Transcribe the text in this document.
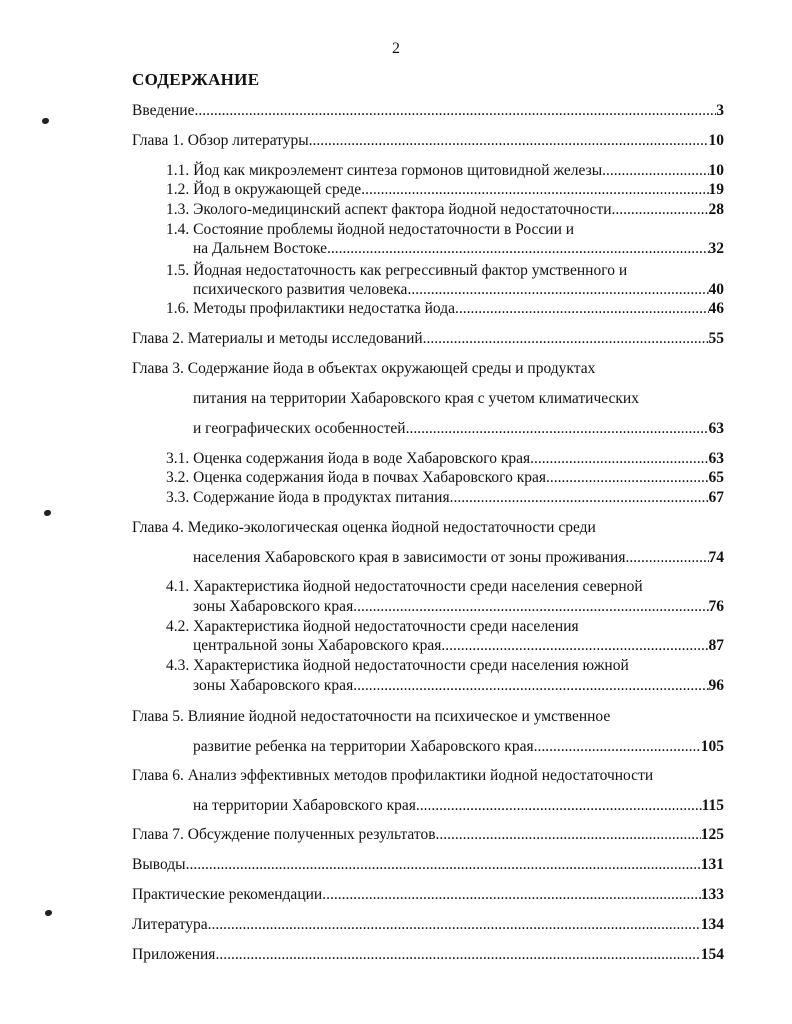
2
СОДЕРЖАНИЕ
Введение .....	3
Глава 1. Обзор литературы .....	10
1.1. Йод как микроэлемент синтеза гормонов щитовидной железы .....	10
1.2. Йод в окружающей среде .....	19
1.3. Эколого-медицинский аспект фактора йодной недостаточности .....	28
1.4. Состояние проблемы йодной недостаточности в России и
на Дальнем Востоке .....	32
1.5. Йодная недостаточность как регрессивный фактор умственного и
психического развития человека .....	40
1.6. Методы профилактики недостатка йода .....	46
Глава 2. Материалы и методы исследований .....	55
Глава 3. Содержание йода в объектах окружающей среды и продуктах
питания на территории Хабаровского края с учетом климатических
и географических особенностей .....	63
3.1. Оценка содержания йода в воде Хабаровского края .....	63
3.2. Оценка содержания йода в почвах Хабаровского края .....	65
3.3. Содержание йода в продуктах питания .....	67
Глава 4. Медико-экологическая оценка йодной недостаточности среди
населения Хабаровского края в зависимости от зоны проживания .....	74
4.1. Характеристика йодной недостаточности среди населения северной
зоны Хабаровского края .....	76
4.2. Характеристика йодной недостаточности среди населения
центральной зоны Хабаровского края .....	87
4.3. Характеристика йодной недостаточности среди населения южной
зоны Хабаровского края .....	96
Глава 5. Влияние йодной недостаточности на психическое и умственное
развитие ребенка на территории Хабаровского края .....	105
Глава 6. Анализ эффективных методов профилактики йодной недостаточности
на территории Хабаровского края .....	115
Глава 7. Обсуждение полученных результатов .....	125
Выводы .....	131
Практические рекомендации .....	133
Литература .....	134
Приложения .....	154
